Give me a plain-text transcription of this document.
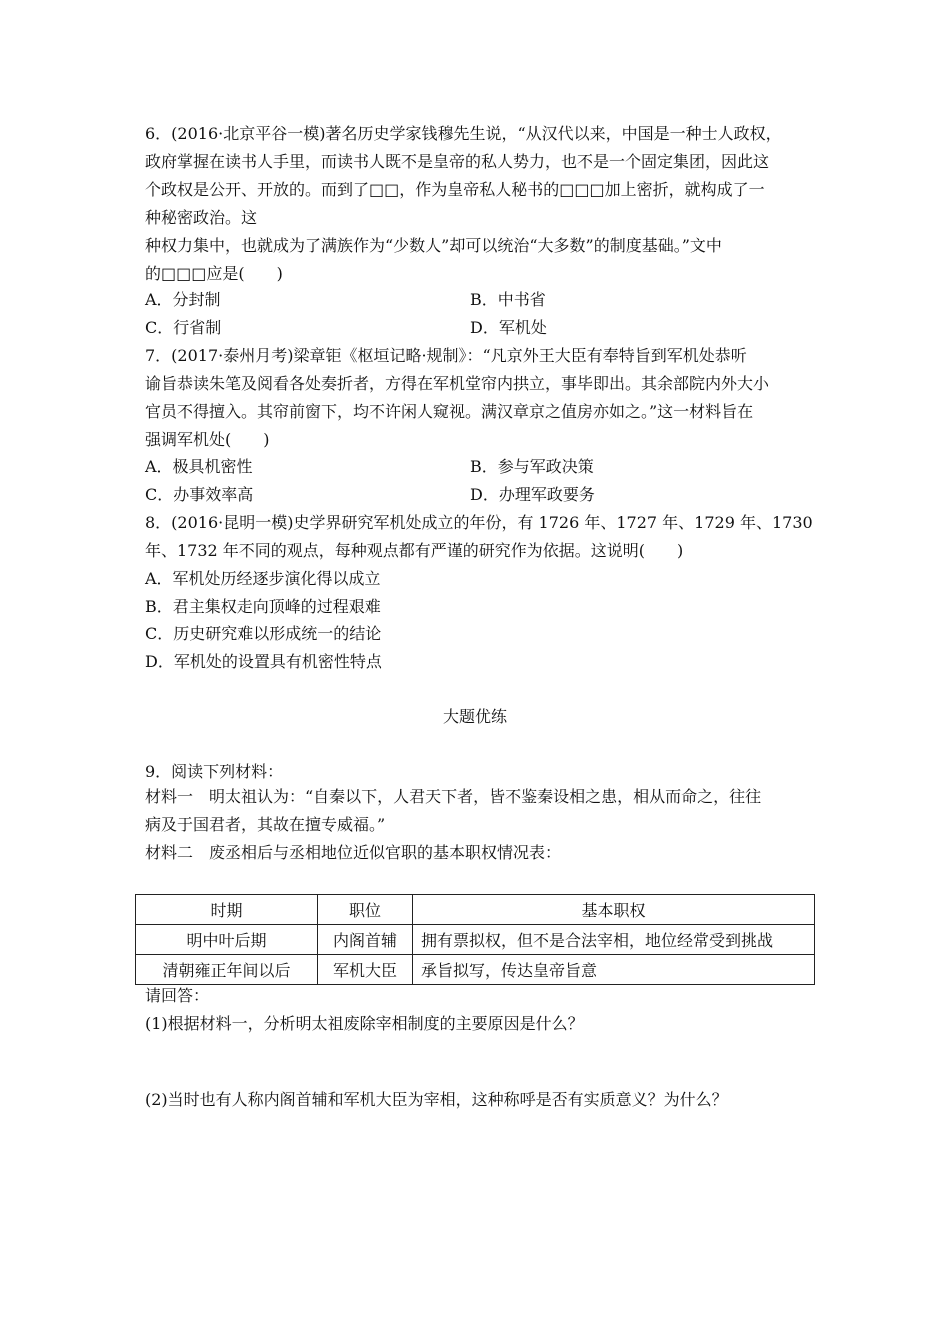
6．(2016·北京平谷一模)著名历史学家钱穆先生说，“从汉代以来，中国是一种士人政权，
政府掌握在读书人手里，而读书人既不是皇帝的私人势力，也不是一个固定集团，因此这
个政权是公开、开放的。而到了□□，作为皇帝私人秘书的□□□加上密折，就构成了一
种秘密政治。这
种权力集中，也就成为了满族作为“少数人”却可以统治“大多数”的制度基础。”文中
的□□□应是(　　)
A．分封制	B．中书省
C．行省制	D．军机处
7．(2017·泰州月考)梁章钜《枢垣记略·规制》：“凡京外王大臣有奉特旨到军机处恭听
谕旨恭读朱笔及阅看各处奏折者，方得在军机堂帘内拱立，事毕即出。其余部院内外大小
官员不得擅入。其帘前窗下，均不许闲人窥视。满汉章京之值房亦如之。”这一材料旨在
强调军机处(　　)
A．极具机密性	B．参与军政决策
C．办事效率高	D．办理军政要务
8．(2016·昆明一模)史学界研究军机处成立的年份，有 1726 年、1727 年、1729 年、1730
年、1732 年不同的观点，每种观点都有严谨的研究作为依据。这说明(　　)
A．军机处历经逐步演化得以成立
B．君主集权走向顶峰的过程艰难
C．历史研究难以形成统一的结论
D．军机处的设置具有机密性特点
大题优练
9．阅读下列材料：
材料一　明太祖认为：“自秦以下，人君天下者，皆不鉴秦设相之患，相从而命之，往往
病及于国君者，其故在擅专威福。”
材料二　废丞相后与丞相地位近似官职的基本职权情况表：
时期	职位	基本职权
明中叶后期	内阁首辅	拥有票拟权，但不是合法宰相，地位经常受到挑战
清朝雍正年间以后	军机大臣	承旨拟写，传达皇帝旨意
请回答：
(1)根据材料一，分析明太祖废除宰相制度的主要原因是什么？
(2)当时也有人称内阁首辅和军机大臣为宰相，这种称呼是否有实质意义？为什么？
